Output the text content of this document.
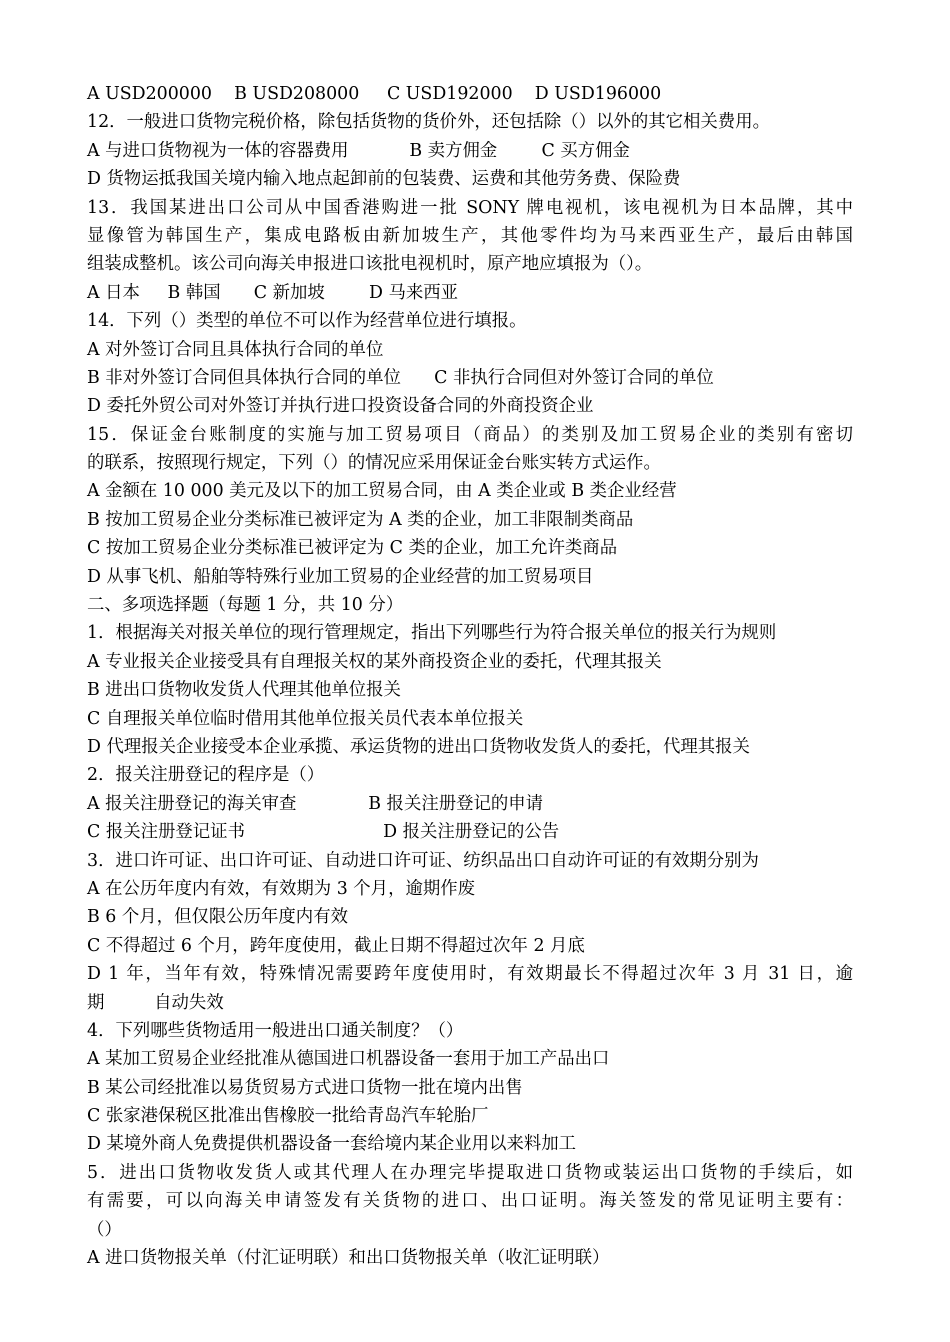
A USD200000    B USD208000     C USD192000    D USD196000
12．一般进口货物完税价格，除包括货物的货价外，还包括除（）以外的其它相关费用。
A 与进口货物视为一体的容器费用           B 卖方佣金        C 买方佣金
D 货物运抵我国关境内输入地点起卸前的包装费、运费和其他劳务费、保险费
13．我国某进出口公司从中国香港购进一批 SONY 牌电视机，该电视机为日本品牌，其中
显像管为韩国生产，集成电路板由新加坡生产，其他零件均为马来西亚生产，最后由韩国
组装成整机。该公司向海关申报进口该批电视机时，原产地应填报为（）。
A 日本     B 韩国      C 新加坡        D 马来西亚
14．下列（）类型的单位不可以作为经营单位进行填报。
A 对外签订合同且具体执行合同的单位
B 非对外签订合同但具体执行合同的单位      C 非执行合同但对外签订合同的单位
D 委托外贸公司对外签订并执行进口投资设备合同的外商投资企业
15．保证金台账制度的实施与加工贸易项目（商品）的类别及加工贸易企业的类别有密切
的联系，按照现行规定，下列（）的情况应采用保证金台账实转方式运作。
A 金额在 10 000 美元及以下的加工贸易合同，由 A 类企业或 B 类企业经营
B 按加工贸易企业分类标准已被评定为 A 类的企业，加工非限制类商品
C 按加工贸易企业分类标准已被评定为 C 类的企业，加工允许类商品
D 从事飞机、船舶等特殊行业加工贸易的企业经营的加工贸易项目
二、多项选择题（每题 1 分，共 10 分）
1．根据海关对报关单位的现行管理规定，指出下列哪些行为符合报关单位的报关行为规则
A 专业报关企业接受具有自理报关权的某外商投资企业的委托，代理其报关
B 进出口货物收发货人代理其他单位报关
C 自理报关单位临时借用其他单位报关员代表本单位报关
D 代理报关企业接受本企业承揽、承运货物的进出口货物收发货人的委托，代理其报关
2．报关注册登记的程序是（）
A 报关注册登记的海关审查             B 报关注册登记的申请
C 报关注册登记证书                         D 报关注册登记的公告
3．进口许可证、出口许可证、自动进口许可证、纺织品出口自动许可证的有效期分别为
A 在公历年度内有效，有效期为 3 个月，逾期作废
B 6 个月，但仅限公历年度内有效
C 不得超过 6 个月，跨年度使用，截止日期不得超过次年 2 月底
D 1 年，当年有效，特殊情况需要跨年度使用时，有效期最长不得超过次年 3 月 31 日，逾
期         自动失效
4．下列哪些货物适用一般进出口通关制度？（）
A 某加工贸易企业经批准从德国进口机器设备一套用于加工产品出口
B 某公司经批准以易货贸易方式进口货物一批在境内出售
C 张家港保税区批准出售橡胶一批给青岛汽车轮胎厂
D 某境外商人免费提供机器设备一套给境内某企业用以来料加工
5．进出口货物收发货人或其代理人在办理完毕提取进口货物或装运出口货物的手续后，如
有需要，可以向海关申请签发有关货物的进口、出口证明。海关签发的常见证明主要有：
（）
A 进口货物报关单（付汇证明联）和出口货物报关单（收汇证明联）
